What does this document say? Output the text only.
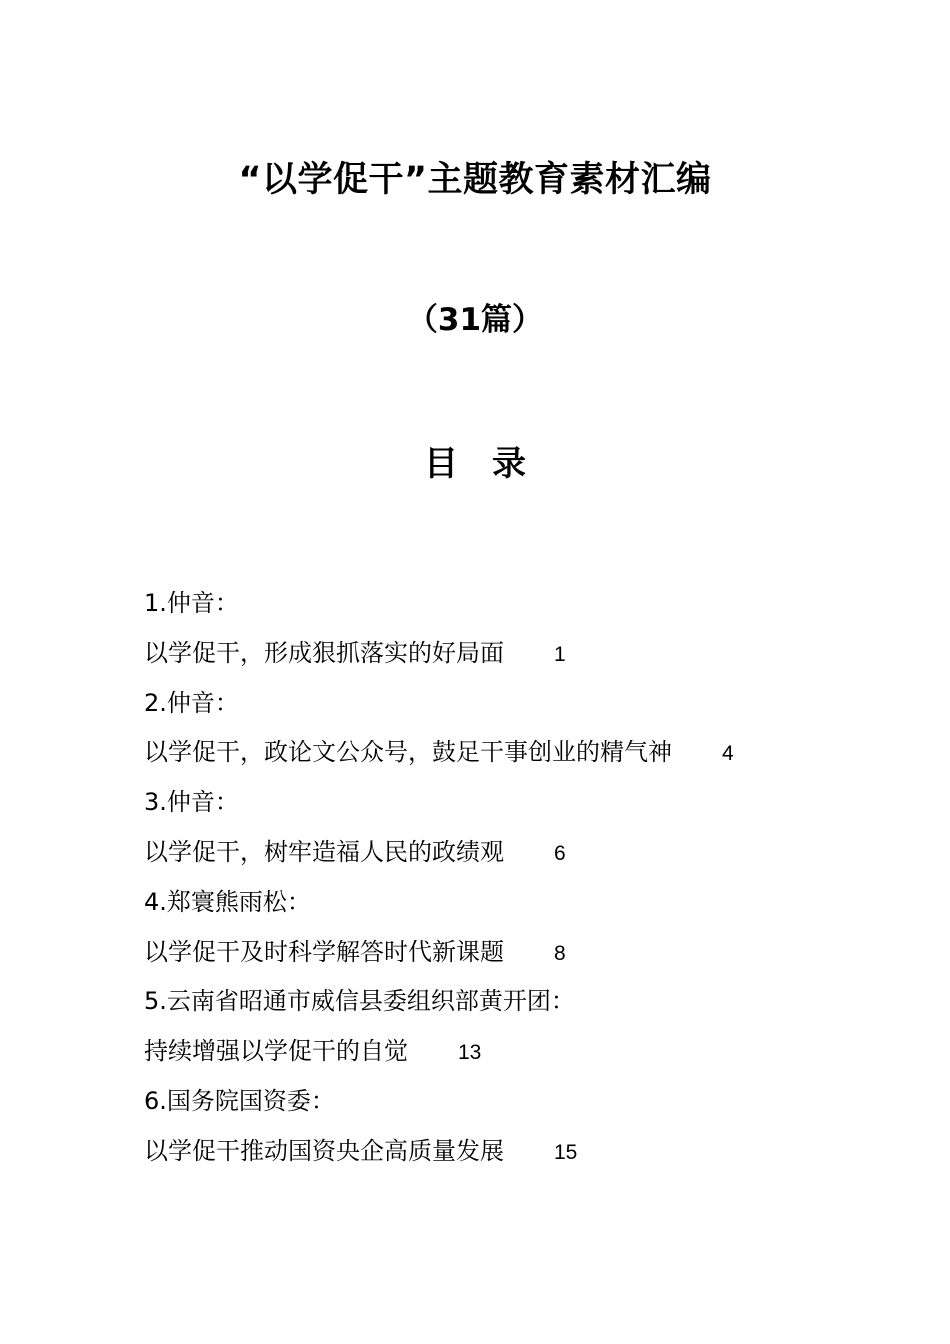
“以学促干”主题教育素材汇编
（31篇）
目 录
1.仲音：
以学促干，形成狠抓落实的好局面 1
2.仲音：
以学促干，政论文公众号，鼓足干事创业的精气神 4
3.仲音：
以学促干，树牢造福人民的政绩观 6
4.郑寰熊雨松：
以学促干及时科学解答时代新课题 8
5.云南省昭通市威信县委组织部黄开团：
持续增强以学促干的自觉 13
6.国务院国资委：
以学促干推动国资央企高质量发展 15
